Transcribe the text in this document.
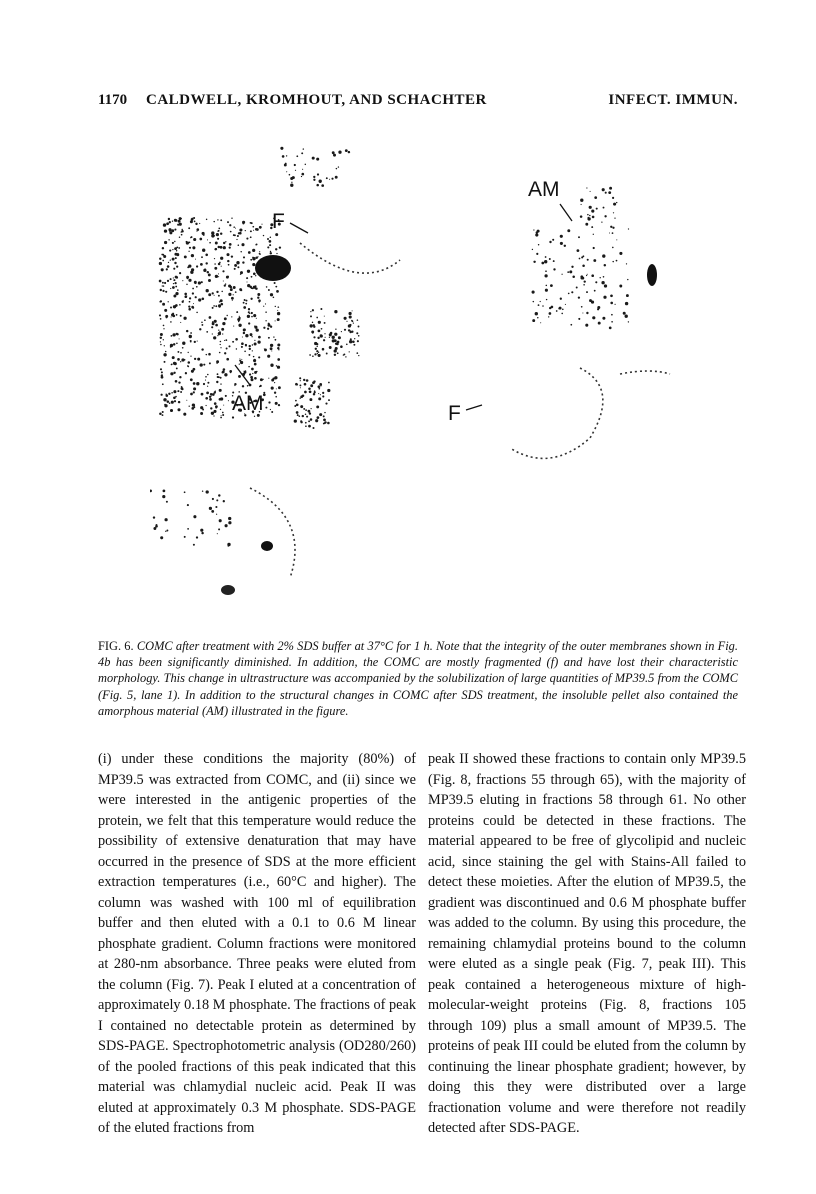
1170 CALDWELL, KROMHOUT, AND SCHACHTER	INFECT. IMMUN.
F
AM
AM	F
FIG. 6. COMC after treatment with 2% SDS buffer at 37°C for 1 h. Note that the integrity of the outer membranes shown in Fig. 4b has been significantly diminished. In addition, the COMC are mostly fragmented (f) and have lost their characteristic morphology. This change in ultrastructure was accompanied by the solubilization of large quantities of MP39.5 from the COMC (Fig. 5, lane 1). In addition to the structural changes in COMC after SDS treatment, the insoluble pellet also contained the amorphous material (AM) illustrated in the figure.
(i) under these conditions the majority (80%) of MP39.5 was extracted from COMC, and (ii) since we were interested in the antigenic properties of the protein, we felt that this temperature would reduce the possibility of extensive denaturation that may have occurred in the presence of SDS at the more efficient extraction temperatures (i.e., 60°C and higher). The column was washed with 100 ml of equilibration buffer and then eluted with a 0.1 to 0.6 M linear phosphate gradient. Column fractions were monitored at 280-nm absorbance. Three peaks were eluted from the column (Fig. 7). Peak I eluted at a concentration of approximately 0.18 M phosphate. The fractions of peak I contained no detectable protein as determined by SDS-PAGE. Spectrophotometric analysis (OD280/260) of the pooled fractions of this peak indicated that this material was chlamydial nucleic acid. Peak II was eluted at approximately 0.3 M phosphate. SDS-PAGE of the eluted fractions from
peak II showed these fractions to contain only MP39.5 (Fig. 8, fractions 55 through 65), with the majority of MP39.5 eluting in fractions 58 through 61. No other proteins could be detected in these fractions. The material appeared to be free of glycolipid and nucleic acid, since staining the gel with Stains-All failed to detect these moieties. After the elution of MP39.5, the gradient was discontinued and 0.6 M phosphate buffer was added to the column. By using this procedure, the remaining chlamydial proteins bound to the column were eluted as a single peak (Fig. 7, peak III). This peak contained a heterogeneous mixture of high-molecular-weight proteins (Fig. 8, fractions 105 through 109) plus a small amount of MP39.5. The proteins of peak III could be eluted from the column by continuing the linear phosphate gradient; however, by doing this they were distributed over a large fractionation volume and were therefore not readily detected after SDS-PAGE.
